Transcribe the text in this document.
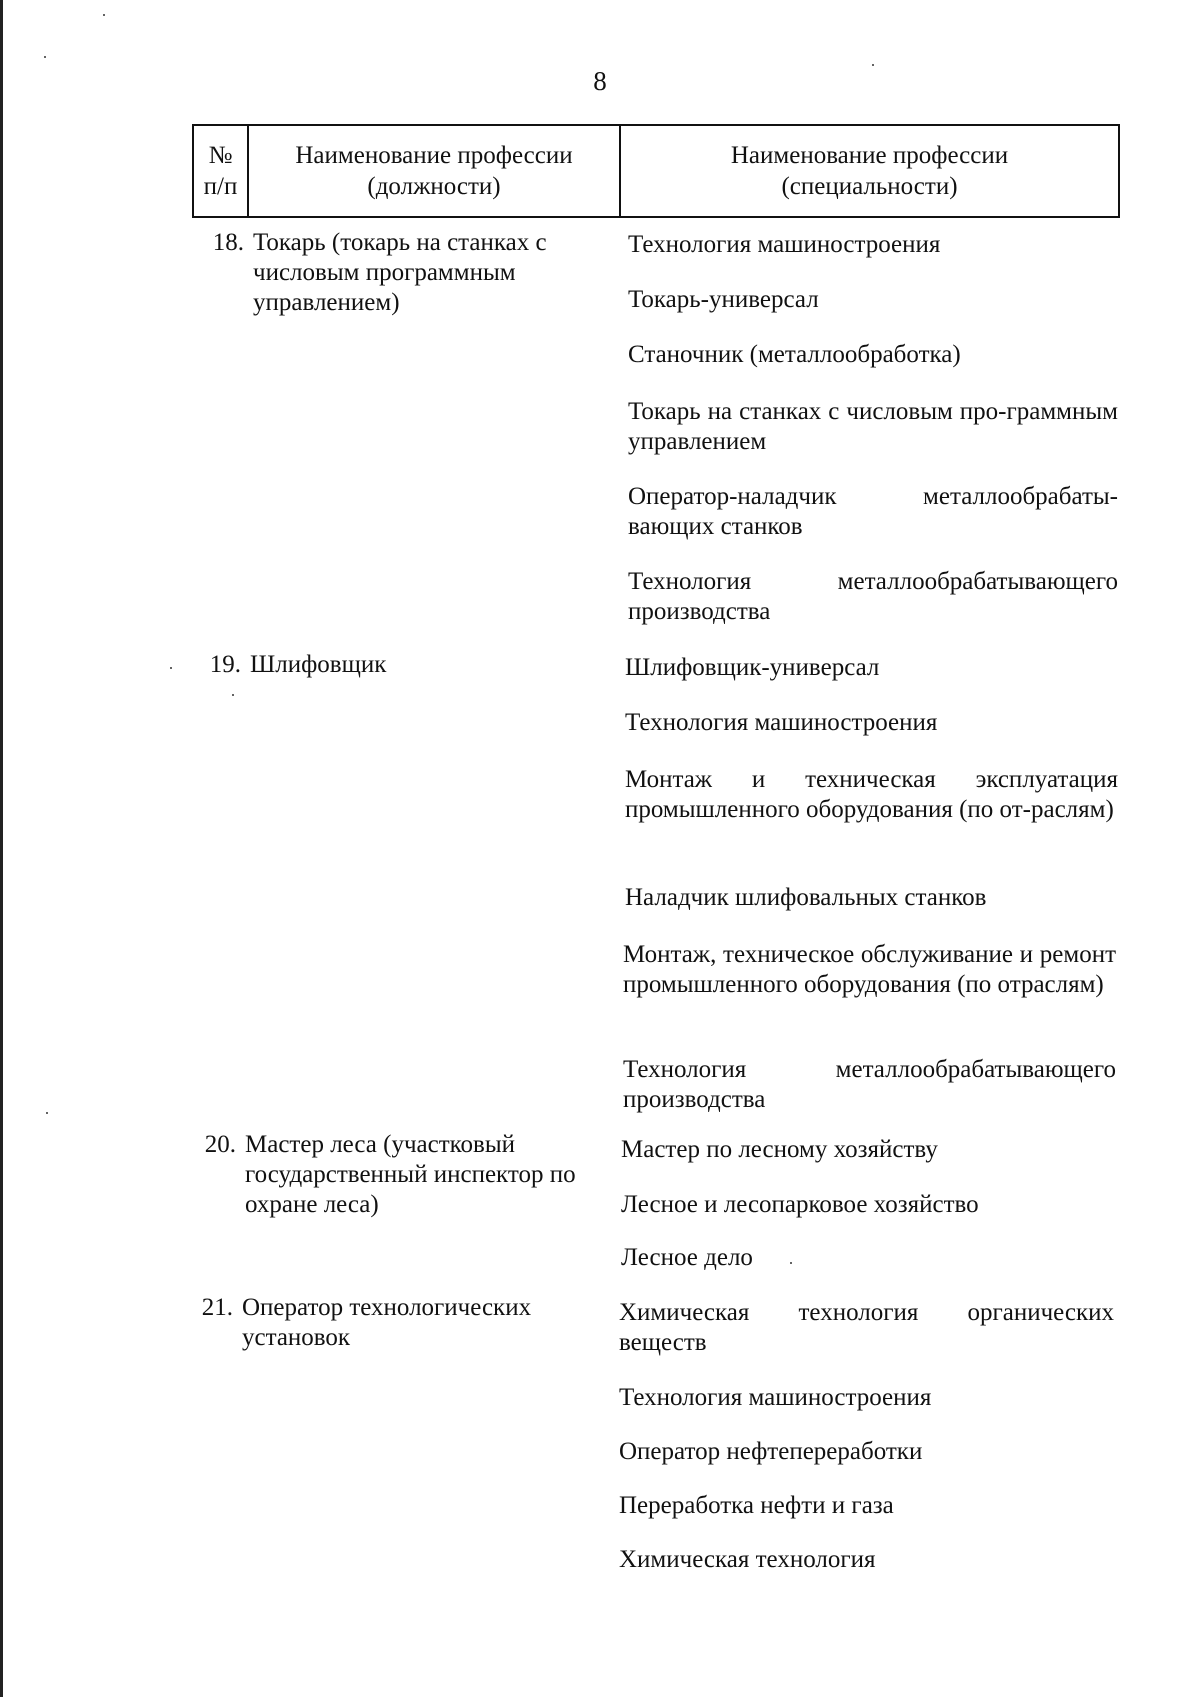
8
№
п/п
Наименование профессии
(должности)
Наименование профессии
(специальности)
18. Токарь (токарь на станках с числовым программным управлением)
Технология машиностроения
Токарь-универсал
Станочник (металлообработка)
Токарь на станках с числовым про-граммным управлением
Оператор-наладчик металлообрабаты-вающих станков
Технология металлообрабатывающего производства
19. Шлифовщик	Шлифовщик-универсал
Технология машиностроения
Монтаж и техническая эксплуатация промышленного оборудования (по от-раслям)
Наладчик шлифовальных станков
Монтаж, техническое обслуживание и ремонт промышленного оборудования (по отраслям)
Технология металлообрабатывающего производства
20. Мастер леса (участковый государственный инспектор по охране леса)
Мастер по лесному хозяйству
Лесное и лесопарковое хозяйство
Лесное дело
21. Оператор технологических установок
Химическая технология органических веществ
Технология машиностроения
Оператор нефтепереработки
Переработка нефти и газа
Химическая технология
